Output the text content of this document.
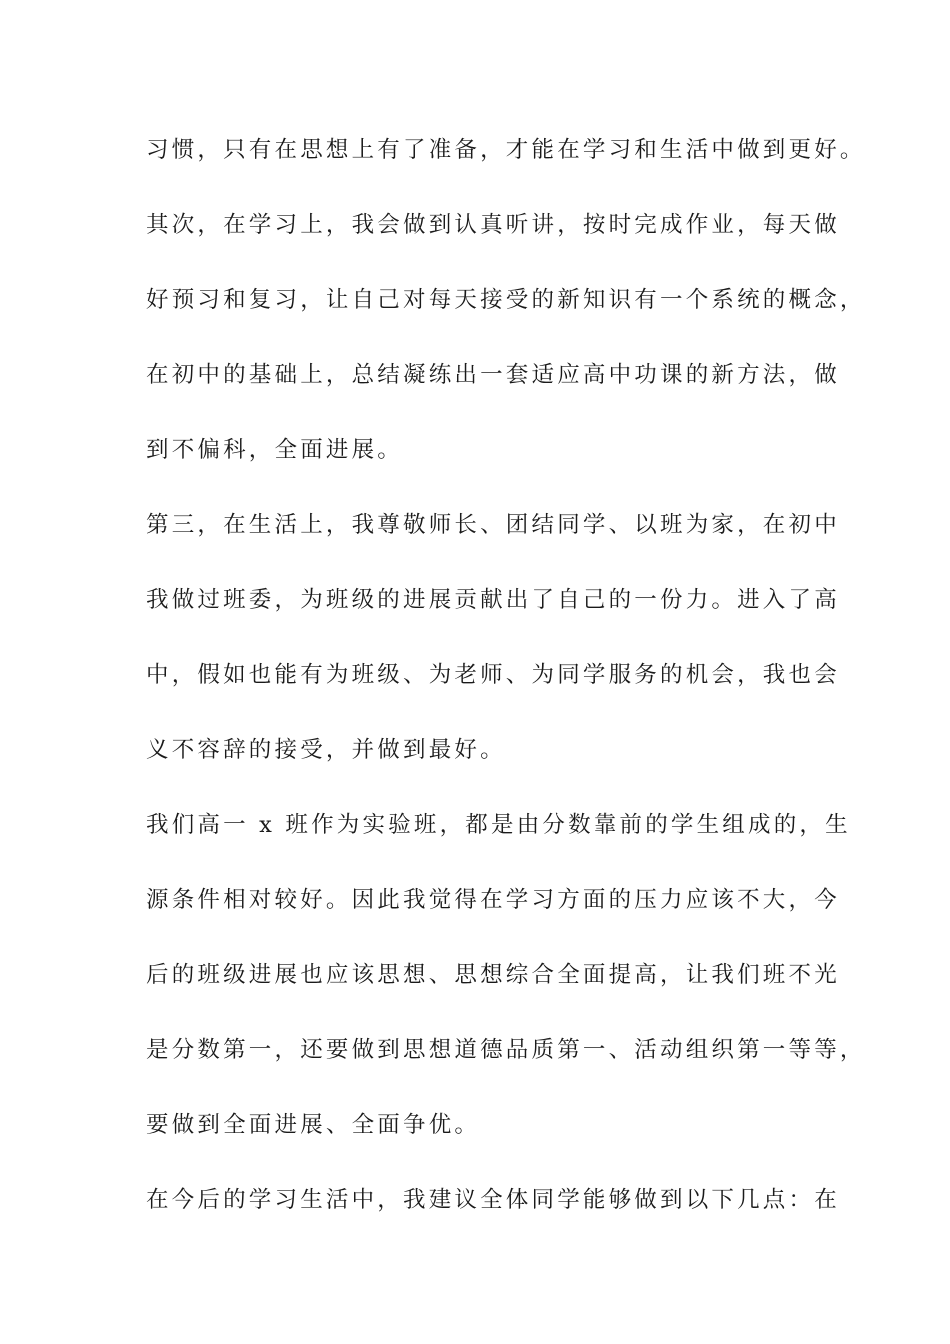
习惯，只有在思想上有了准备，才能在学习和生活中做到更好。
其次，在学习上，我会做到认真听讲，按时完成作业，每天做
好预习和复习，让自己对每天接受的新知识有一个系统的概念，
在初中的基础上，总结凝练出一套适应高中功课的新方法，做
到不偏科，全面进展。
第三，在生活上，我尊敬师长、团结同学、以班为家，在初中
我做过班委，为班级的进展贡献出了自己的一份力。进入了高
中，假如也能有为班级、为老师、为同学服务的机会，我也会
义不容辞的接受，并做到最好。
我们高一 x 班作为实验班，都是由分数靠前的学生组成的，生
源条件相对较好。因此我觉得在学习方面的压力应该不大，今
后的班级进展也应该思想、思想综合全面提高，让我们班不光
是分数第一，还要做到思想道德品质第一、活动组织第一等等，
要做到全面进展、全面争优。
在今后的学习生活中，我建议全体同学能够做到以下几点：在
